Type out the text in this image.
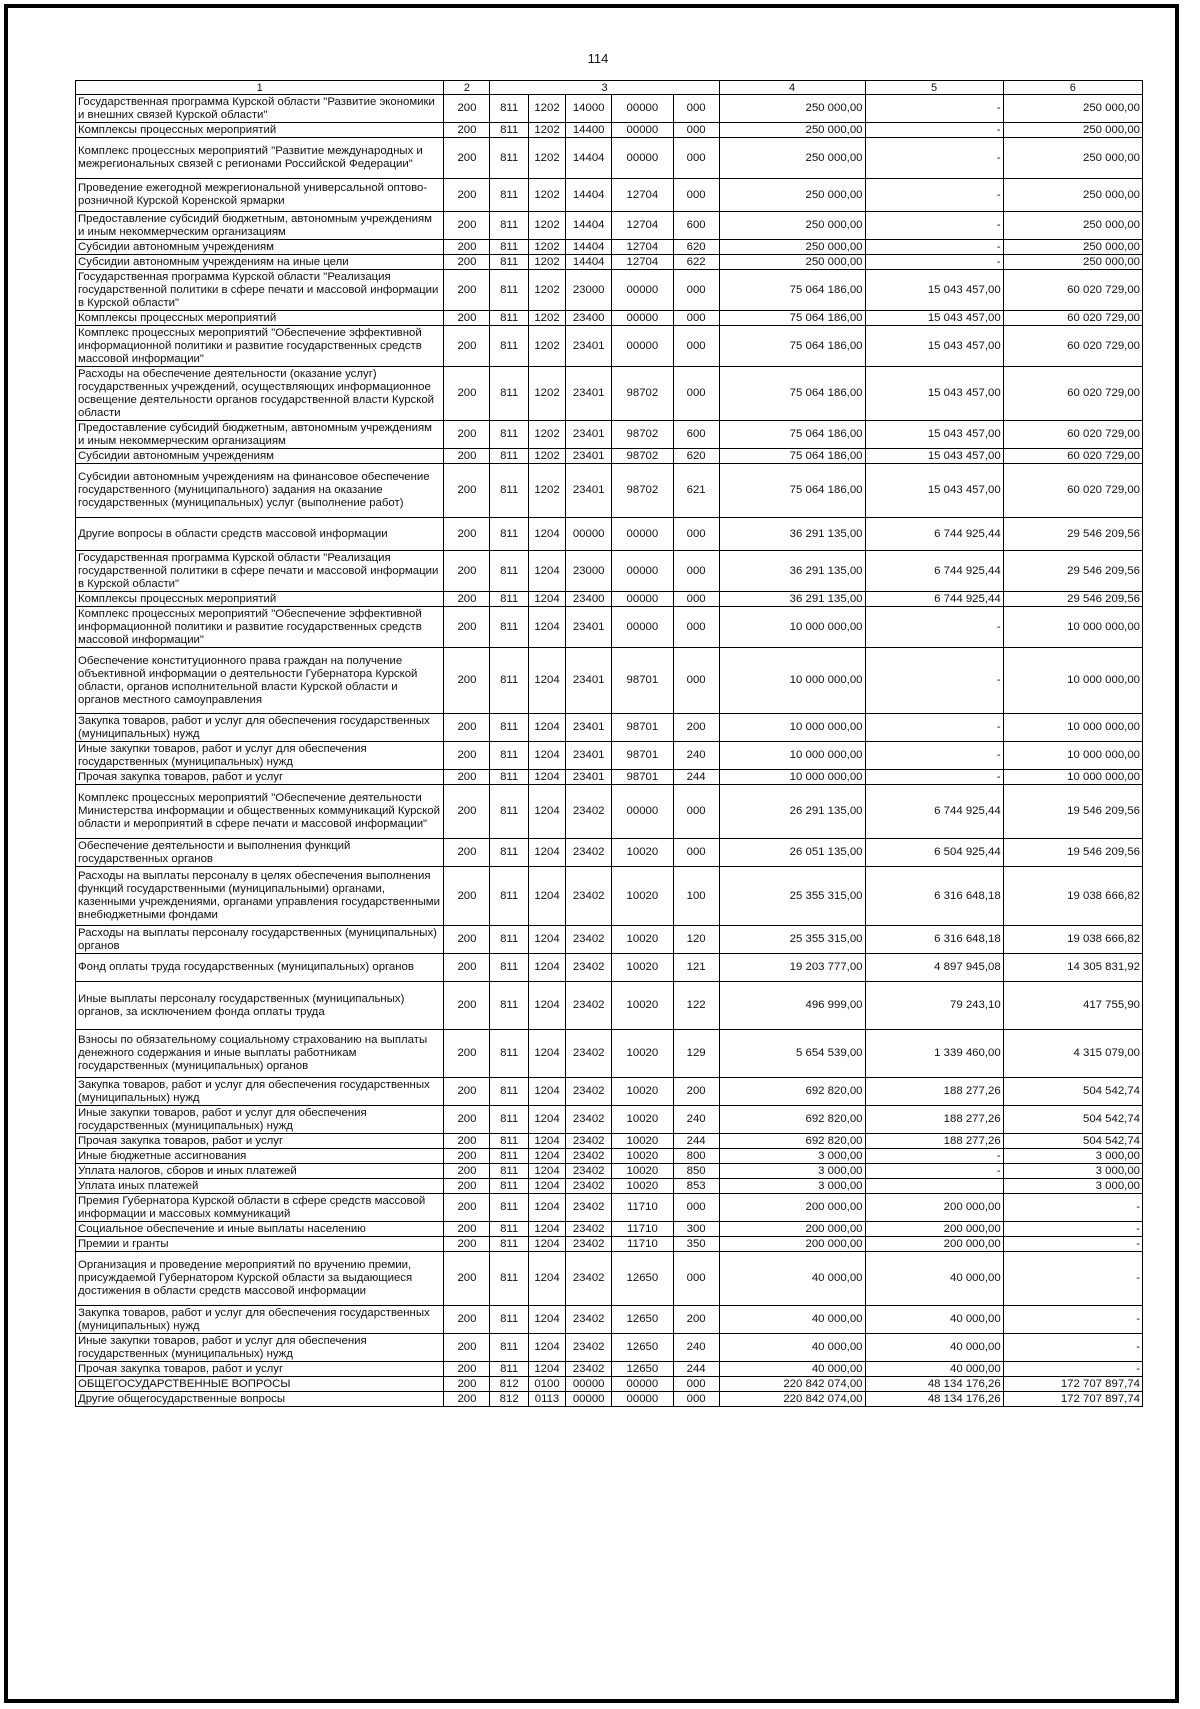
114
1	2	3					4	5	6
Государственная программа Курской области "Развитие экономики и внешних связей Курской области"	200	811	1202	14000	00000	000	250 000,00	-	250 000,00
Комплексы процессных мероприятий	200	811	1202	14400	00000	000	250 000,00	-	250 000,00
Комплекс процессных мероприятий "Развитие международных и межрегиональных связей с регионами Российской Федерации"	200	811	1202	14404	00000	000	250 000,00	-	250 000,00
Проведение ежегодной межрегиональной универсальной оптово-розничной Курской Коренской ярмарки	200	811	1202	14404	12704	000	250 000,00	-	250 000,00
Предоставление субсидий бюджетным, автономным учреждениям и иным некоммерческим организациям	200	811	1202	14404	12704	600	250 000,00	-	250 000,00
Субсидии автономным учреждениям	200	811	1202	14404	12704	620	250 000,00	-	250 000,00
Субсидии автономным учреждениям на иные цели	200	811	1202	14404	12704	622	250 000,00	-	250 000,00
Государственная программа Курской области "Реализация государственной политики в сфере печати и массовой информации в Курской области"	200	811	1202	23000	00000	000	75 064 186,00	15 043 457,00	60 020 729,00
Комплексы процессных мероприятий	200	811	1202	23400	00000	000	75 064 186,00	15 043 457,00	60 020 729,00
Комплекс процессных мероприятий "Обеспечение эффективной информационной политики и развитие государственных средств массовой информации"	200	811	1202	23401	00000	000	75 064 186,00	15 043 457,00	60 020 729,00
Расходы на обеспечение деятельности (оказание услуг) государственных учреждений, осуществляющих информационное освещение деятельности органов государственной власти Курской области	200	811	1202	23401	98702	000	75 064 186,00	15 043 457,00	60 020 729,00
Предоставление субсидий бюджетным, автономным учреждениям и иным некоммерческим организациям	200	811	1202	23401	98702	600	75 064 186,00	15 043 457,00	60 020 729,00
Субсидии автономным учреждениям	200	811	1202	23401	98702	620	75 064 186,00	15 043 457,00	60 020 729,00
Субсидии автономным учреждениям на финансовое обеспечение государственного (муниципального) задания на оказание государственных (муниципальных) услуг (выполнение работ)	200	811	1202	23401	98702	621	75 064 186,00	15 043 457,00	60 020 729,00
Другие вопросы в области средств массовой информации	200	811	1204	00000	00000	000	36 291 135,00	6 744 925,44	29 546 209,56
Государственная программа Курской области "Реализация государственной политики в сфере печати и массовой информации в Курской области"	200	811	1204	23000	00000	000	36 291 135,00	6 744 925,44	29 546 209,56
Комплексы процессных мероприятий	200	811	1204	23400	00000	000	36 291 135,00	6 744 925,44	29 546 209,56
Комплекс процессных мероприятий "Обеспечение эффективной информационной политики и развитие государственных средств массовой информации"	200	811	1204	23401	00000	000	10 000 000,00	-	10 000 000,00
Обеспечение конституционного права граждан на получение объективной информации о деятельности Губернатора Курской области, органов исполнительной власти Курской области и органов местного самоуправления	200	811	1204	23401	98701	000	10 000 000,00	-	10 000 000,00
Закупка товаров, работ и услуг для обеспечения государственных (муниципальных) нужд	200	811	1204	23401	98701	200	10 000 000,00	-	10 000 000,00
Иные закупки товаров, работ и услуг для обеспечения государственных (муниципальных) нужд	200	811	1204	23401	98701	240	10 000 000,00	-	10 000 000,00
Прочая закупка товаров, работ и услуг	200	811	1204	23401	98701	244	10 000 000,00	-	10 000 000,00
Комплекс процессных мероприятий "Обеспечение деятельности Министерства информации и общественных коммуникаций Курской области и мероприятий в сфере печати и массовой информации"	200	811	1204	23402	00000	000	26 291 135,00	6 744 925,44	19 546 209,56
Обеспечение деятельности и выполнения функций государственных органов	200	811	1204	23402	10020	000	26 051 135,00	6 504 925,44	19 546 209,56
Расходы на выплаты персоналу в целях обеспечения выполнения функций государственными (муниципальными) органами, казенными учреждениями, органами управления государственными внебюджетными фондами	200	811	1204	23402	10020	100	25 355 315,00	6 316 648,18	19 038 666,82
Расходы на выплаты персоналу государственных (муниципальных) органов	200	811	1204	23402	10020	120	25 355 315,00	6 316 648,18	19 038 666,82
Фонд оплаты труда государственных (муниципальных) органов	200	811	1204	23402	10020	121	19 203 777,00	4 897 945,08	14 305 831,92
Иные выплаты персоналу государственных (муниципальных) органов, за исключением фонда оплаты труда	200	811	1204	23402	10020	122	496 999,00	79 243,10	417 755,90
Взносы по обязательному социальному страхованию на выплаты денежного содержания и иные выплаты работникам государственных (муниципальных) органов	200	811	1204	23402	10020	129	5 654 539,00	1 339 460,00	4 315 079,00
Закупка товаров, работ и услуг для обеспечения государственных (муниципальных) нужд	200	811	1204	23402	10020	200	692 820,00	188 277,26	504 542,74
Иные закупки товаров, работ и услуг для обеспечения государственных (муниципальных) нужд	200	811	1204	23402	10020	240	692 820,00	188 277,26	504 542,74
Прочая закупка товаров, работ и услуг	200	811	1204	23402	10020	244	692 820,00	188 277,26	504 542,74
Иные бюджетные ассигнования	200	811	1204	23402	10020	800	3 000,00	-	3 000,00
Уплата налогов, сборов и иных платежей	200	811	1204	23402	10020	850	3 000,00	-	3 000,00
Уплата иных платежей	200	811	1204	23402	10020	853	3 000,00		3 000,00
Премия Губернатора Курской области в сфере средств массовой информации и массовых коммуникаций	200	811	1204	23402	11710	000	200 000,00	200 000,00	-
Социальное обеспечение и иные выплаты населению	200	811	1204	23402	11710	300	200 000,00	200 000,00	-
Премии и гранты	200	811	1204	23402	11710	350	200 000,00	200 000,00	-
Организация и проведение мероприятий по вручению премии, присуждаемой Губернатором Курской области за выдающиеся достижения в области средств массовой информации	200	811	1204	23402	12650	000	40 000,00	40 000,00	-
Закупка товаров, работ и услуг для обеспечения государственных (муниципальных) нужд	200	811	1204	23402	12650	200	40 000,00	40 000,00	-
Иные закупки товаров, работ и услуг для обеспечения государственных (муниципальных) нужд	200	811	1204	23402	12650	240	40 000,00	40 000,00	-
Прочая закупка товаров, работ и услуг	200	811	1204	23402	12650	244	40 000,00	40 000,00	-
ОБЩЕГОСУДАРСТВЕННЫЕ ВОПРОСЫ	200	812	0100	00000	00000	000	220 842 074,00	48 134 176,26	172 707 897,74
Другие общегосударственные вопросы	200	812	0113	00000	00000	000	220 842 074,00	48 134 176,26	172 707 897,74
